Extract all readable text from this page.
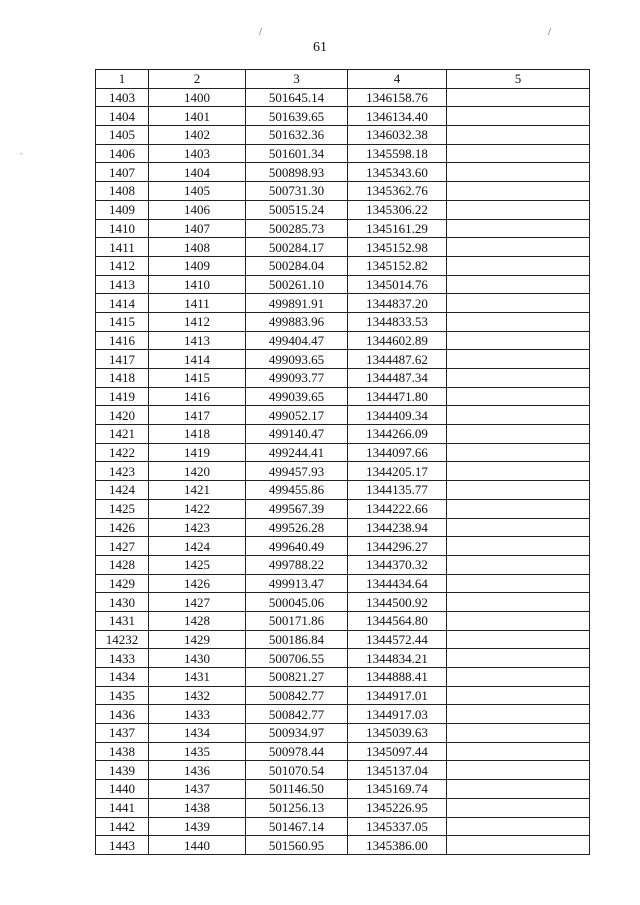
/	/
-
61
1	2	3	4	5
1403	1400	501645.14	1346158.76	
1404	1401	501639.65	1346134.40	
1405	1402	501632.36	1346032.38	
1406	1403	501601.34	1345598.18	
1407	1404	500898.93	1345343.60	
1408	1405	500731.30	1345362.76	
1409	1406	500515.24	1345306.22	
1410	1407	500285.73	1345161.29	
1411	1408	500284.17	1345152.98	
1412	1409	500284.04	1345152.82	
1413	1410	500261.10	1345014.76	
1414	1411	499891.91	1344837.20	
1415	1412	499883.96	1344833.53	
1416	1413	499404.47	1344602.89	
1417	1414	499093.65	1344487.62	
1418	1415	499093.77	1344487.34	
1419	1416	499039.65	1344471.80	
1420	1417	499052.17	1344409.34	
1421	1418	499140.47	1344266.09	
1422	1419	499244.41	1344097.66	
1423	1420	499457.93	1344205.17	
1424	1421	499455.86	1344135.77	
1425	1422	499567.39	1344222.66	
1426	1423	499526.28	1344238.94	
1427	1424	499640.49	1344296.27	
1428	1425	499788.22	1344370.32	
1429	1426	499913.47	1344434.64	
1430	1427	500045.06	1344500.92	
1431	1428	500171.86	1344564.80	
14232	1429	500186.84	1344572.44	
1433	1430	500706.55	1344834.21	
1434	1431	500821.27	1344888.41	
1435	1432	500842.77	1344917.01	
1436	1433	500842.77	1344917.03	
1437	1434	500934.97	1345039.63	
1438	1435	500978.44	1345097.44	
1439	1436	501070.54	1345137.04	
1440	1437	501146.50	1345169.74	
1441	1438	501256.13	1345226.95	
1442	1439	501467.14	1345337.05	
1443	1440	501560.95	1345386.00	
